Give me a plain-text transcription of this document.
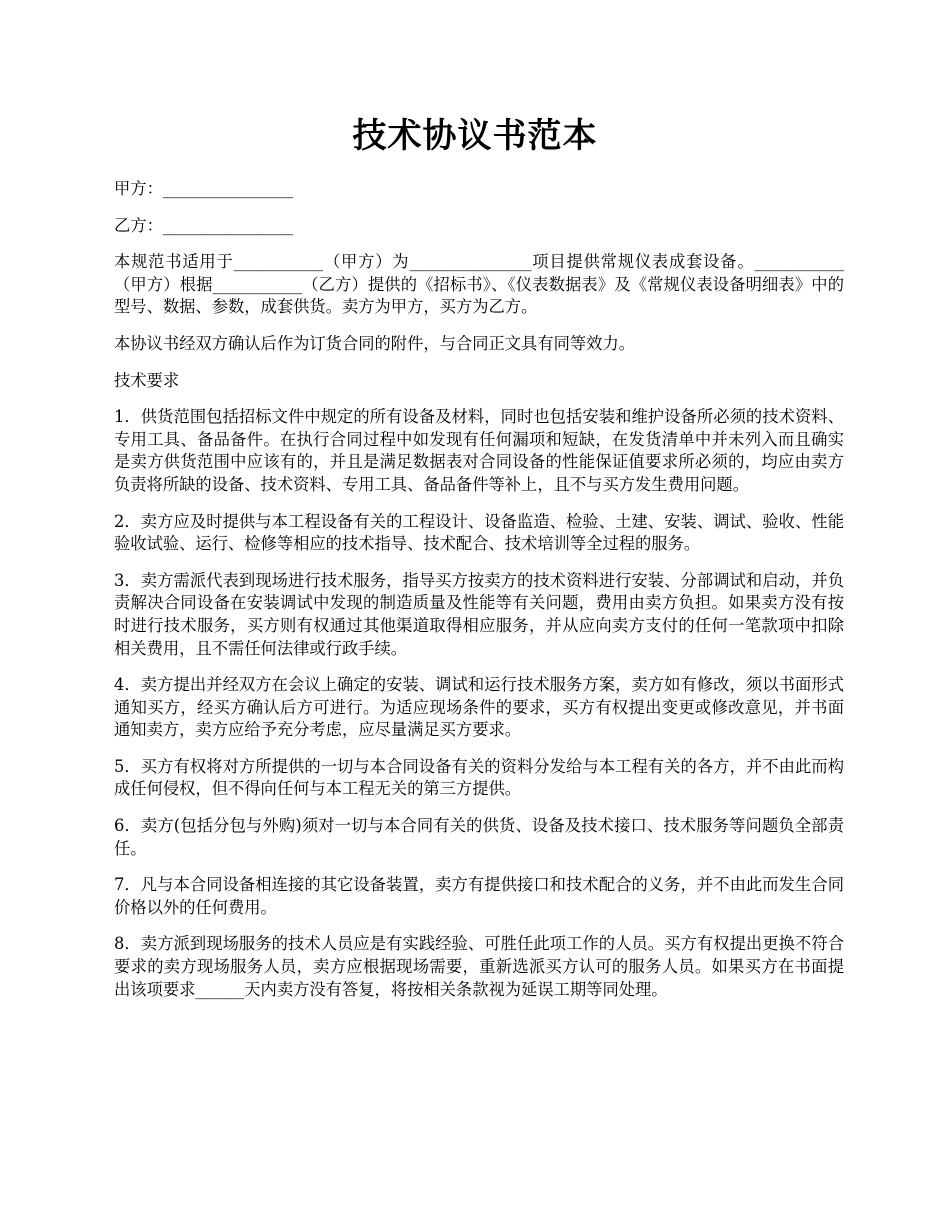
技术协议书范本

甲方：________________

乙方：________________

本规范书适用于___________（甲方）为_______________项目提供常规仪表成套设备。___________（甲方）根据___________（乙方）提供的《招标书》、《仪表数据表》及《常规仪表设备明细表》中的型号、数据、参数，成套供货。卖方为甲方，买方为乙方。

本协议书经双方确认后作为订货合同的附件，与合同正文具有同等效力。

技术要求

1．供货范围包括招标文件中规定的所有设备及材料，同时也包括安装和维护设备所必须的技术资料、专用工具、备品备件。在执行合同过程中如发现有任何漏项和短缺，在发货清单中并未列入而且确实是卖方供货范围中应该有的，并且是满足数据表对合同设备的性能保证值要求所必须的，均应由卖方负责将所缺的设备、技术资料、专用工具、备品备件等补上，且不与买方发生费用问题。

2．卖方应及时提供与本工程设备有关的工程设计、设备监造、检验、土建、安装、调试、验收、性能验收试验、运行、检修等相应的技术指导、技术配合、技术培训等全过程的服务。

3．卖方需派代表到现场进行技术服务，指导买方按卖方的技术资料进行安装、分部调试和启动，并负责解决合同设备在安装调试中发现的制造质量及性能等有关问题，费用由卖方负担。如果卖方没有按时进行技术服务，买方则有权通过其他渠道取得相应服务，并从应向卖方支付的任何一笔款项中扣除相关费用，且不需任何法律或行政手续。

4．卖方提出并经双方在会议上确定的安装、调试和运行技术服务方案，卖方如有修改，须以书面形式通知买方，经买方确认后方可进行。为适应现场条件的要求，买方有权提出变更或修改意见，并书面通知卖方，卖方应给予充分考虑，应尽量满足买方要求。

5．买方有权将对方所提供的一切与本合同设备有关的资料分发给与本工程有关的各方，并不由此而构成任何侵权，但不得向任何与本工程无关的第三方提供。

6．卖方(包括分包与外购)须对一切与本合同有关的供货、设备及技术接口、技术服务等问题负全部责任。

7．凡与本合同设备相连接的其它设备装置，卖方有提供接口和技术配合的义务，并不由此而发生合同价格以外的任何费用。

8．卖方派到现场服务的技术人员应是有实践经验、可胜任此项工作的人员。买方有权提出更换不符合要求的卖方现场服务人员，卖方应根据现场需要，重新选派买方认可的服务人员。如果买方在书面提出该项要求______天内卖方没有答复，将按相关条款视为延误工期等同处理。
